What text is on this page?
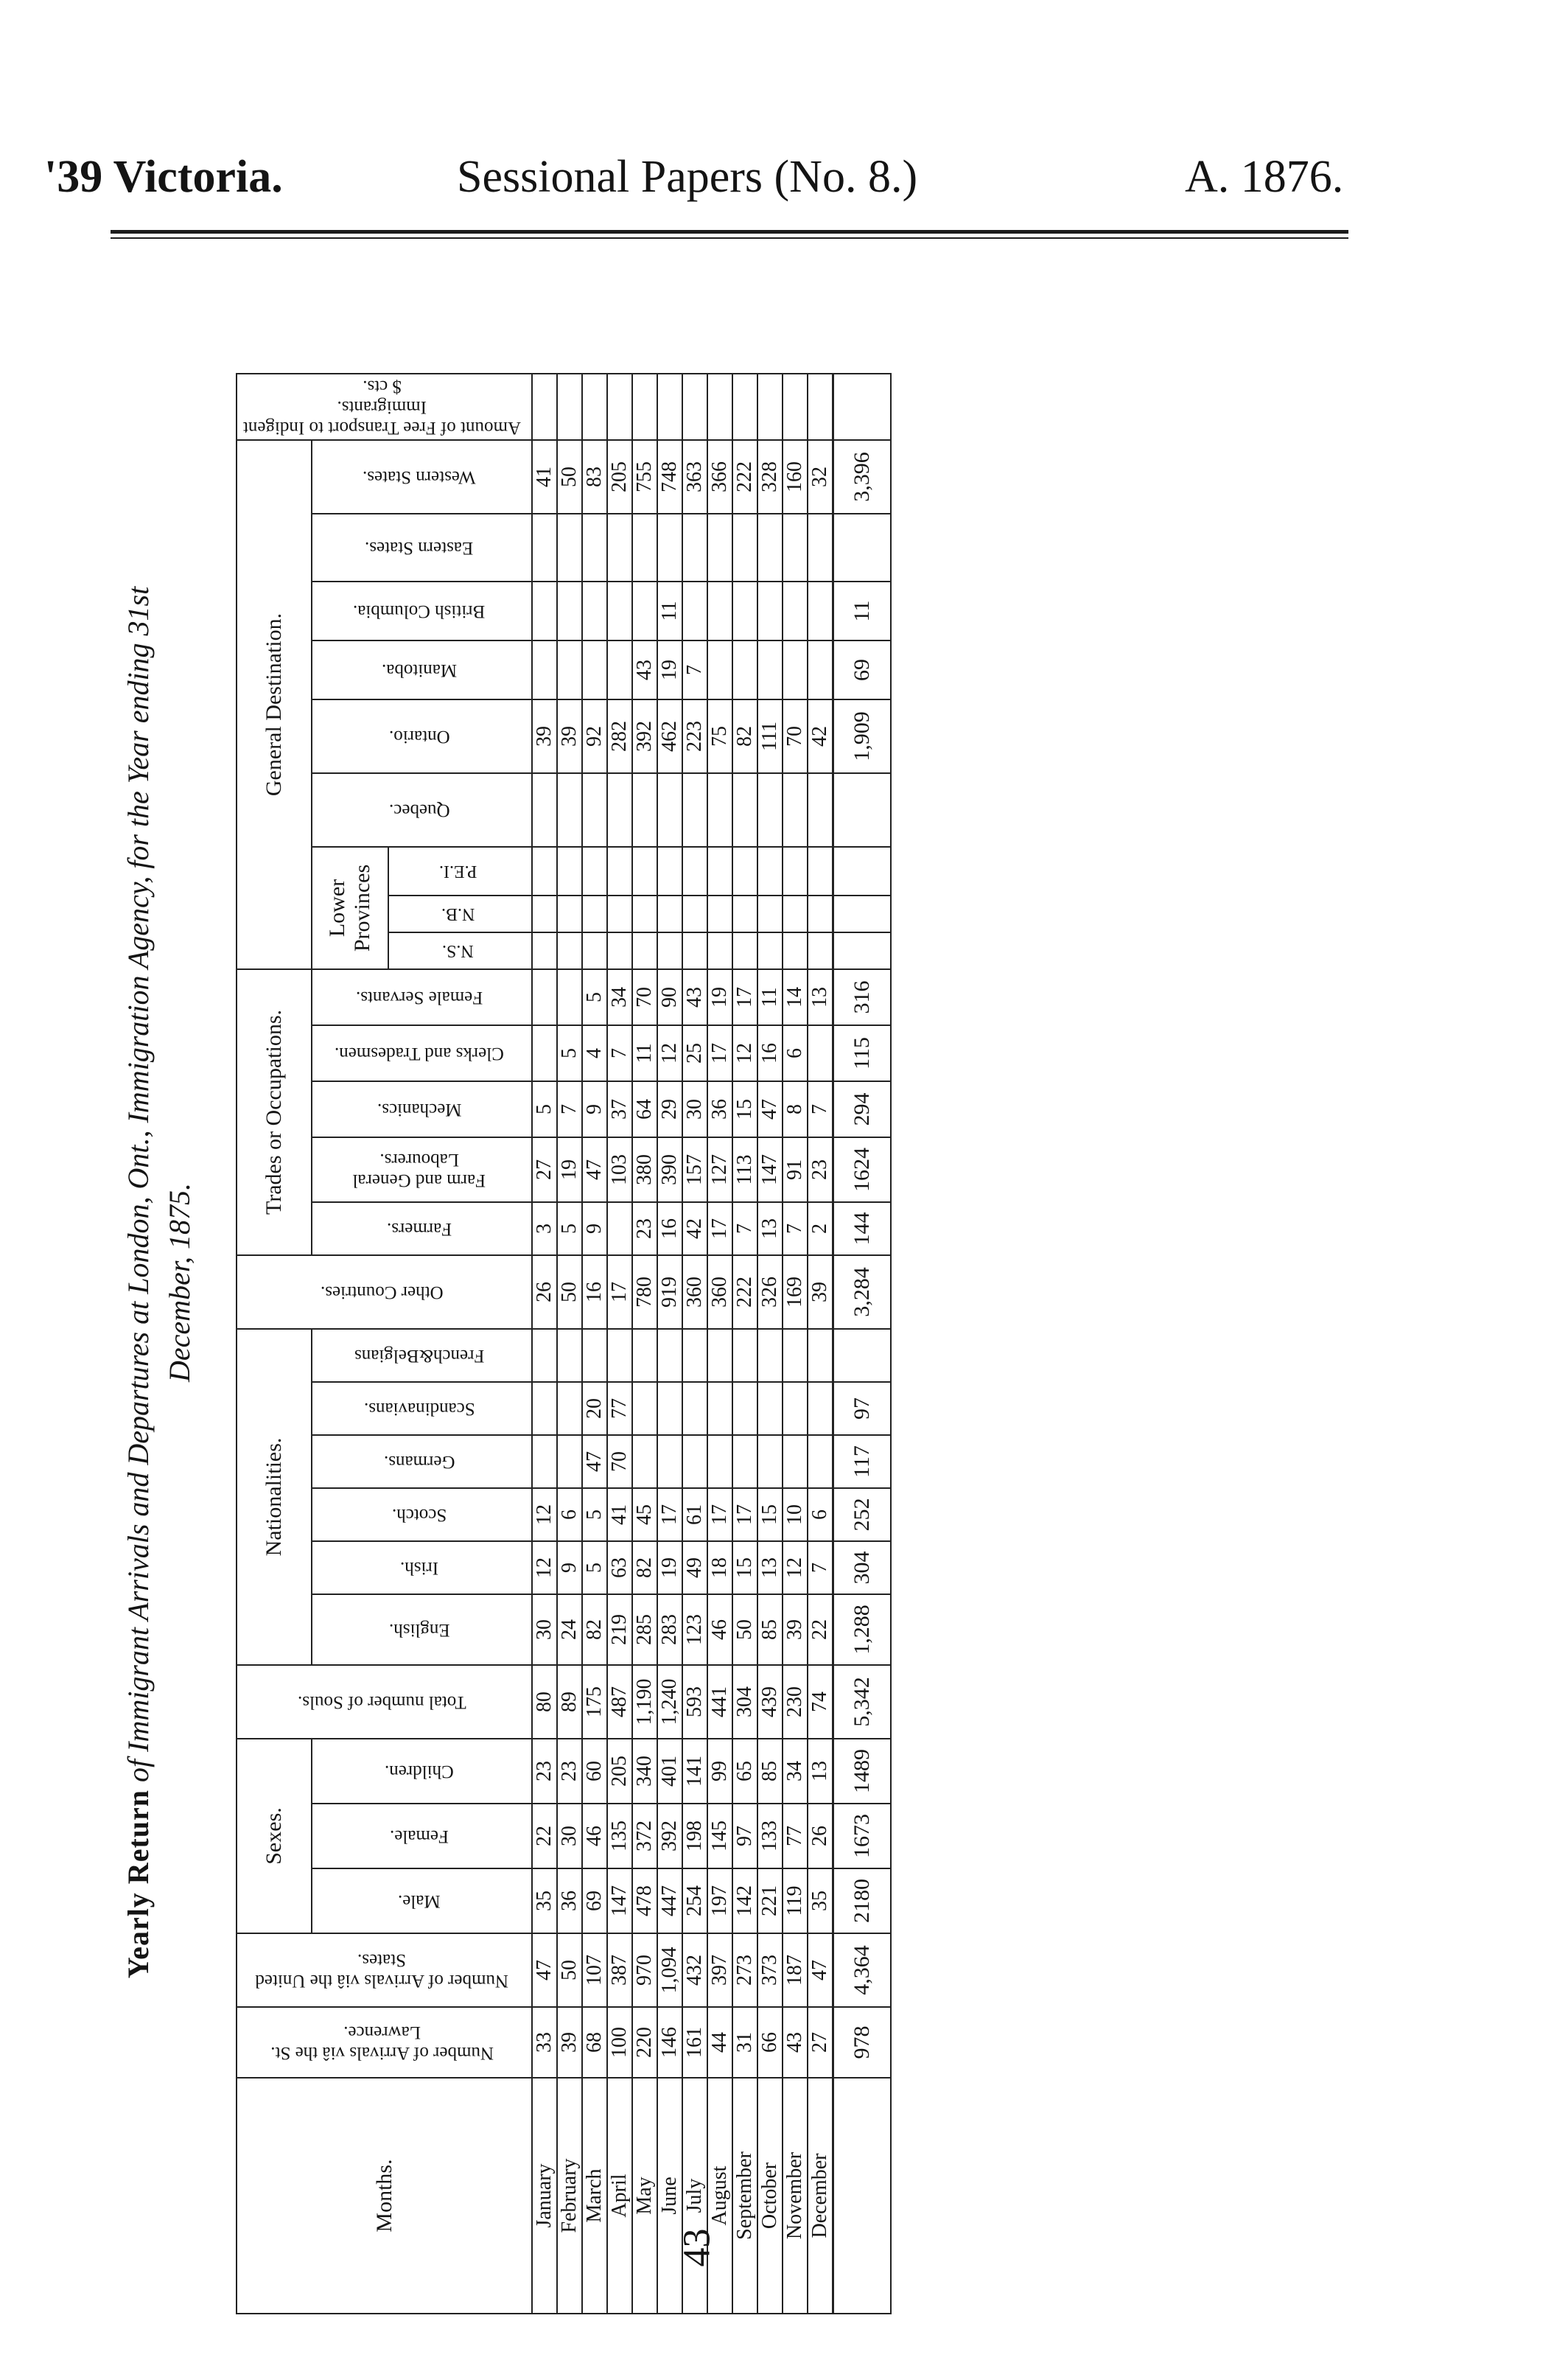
'39 Victoria.	Sessional Papers (No. 8.)	A. 1876.
Yearly Return of Immigrant Arrivals and Departures at London, Ont., Immigration Agency, for the Year ending 31st December, 1875.
Months.	Number of Arrivals viâ the St. Lawrence.	Number of Arrivals viâ the United States.	Sexes.			Total number of Souls.	Nationalities.						Other Countries.	Trades or Occupations.					General Destination.									Amount of Free Transport to Indigent Immigrants.
$ cts.
			Male.	Female.	Children.		English.	Irish.	Scotch.	Germans.	Scandinavians.	French&Belgians		Farmers.	Farm and General Labourers.	Mechanics.	Clerks and Tradesmen.	Female Servants.	Lower Provinces			Quebec.	Ontario.	Manitoba.	British Columbia.	Eastern States.	Western States.	
																			N.S.	N.B.	P.E.I.							
January	33	47	35	22	23	80	30	12	12				26	3	27	5							39				41	
February	39	50	36	30	23	89	24	9	6				50	5	19	7	5						39				50	
March	68	107	69	46	60	175	82	5	5	47	20		16	9	47	9	4	5					92				83	
April	100	387	147	135	205	487	219	63	41	70	77		17		103	37	7	34					282				205	
May	220	970	478	372	340	1,190	285	82	45				780	23	380	64	11	70					392	43			755	
June	146	1,094	447	392	401	1,240	283	19	17				919	16	390	29	12	90					462	19	11		748	
July	161	432	254	198	141	593	123	49	61				360	42	157	30	25	43					223	7			363	
August	44	397	197	145	99	441	46	18	17				360	17	127	36	17	19					75				366	
September	31	273	142	97	65	304	50	15	17				222	7	113	15	12	17					82				222	
October	66	373	221	133	85	439	85	13	15				326	13	147	47	16	11					111				328	
November	43	187	119	77	34	230	39	12	10				169	7	91	8	6	14					70				160	
December	27	47	35	26	13	74	22	7	6				39	2	23	7		13					42				32	
	978	4,364	2180	1673	1489	5,342	1,288	304	252	117	97		3,284	144	1624	294	115	316					1,909	69	11		3,396	
43
